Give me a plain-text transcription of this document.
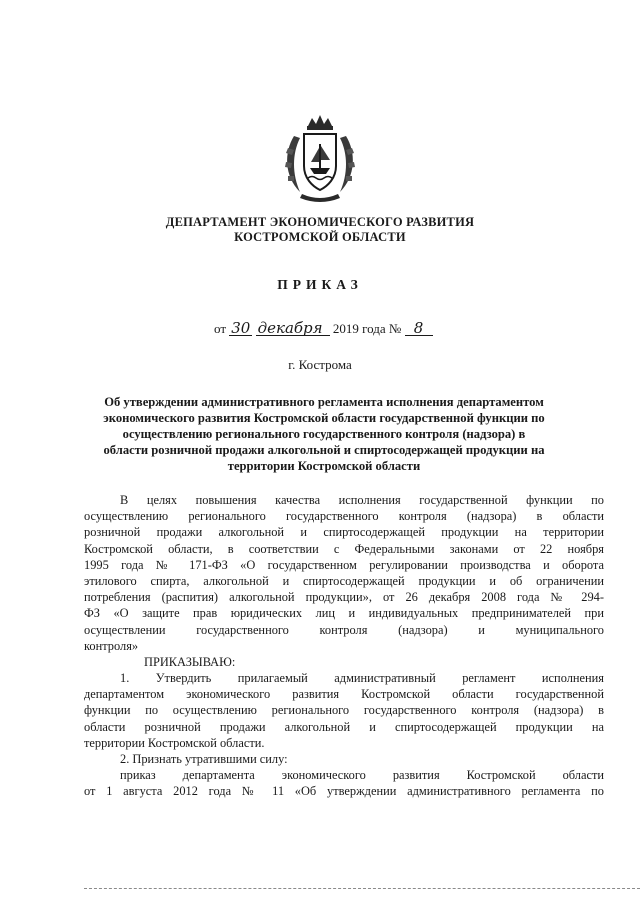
ДЕПАРТАМЕНТ ЭКОНОМИЧЕСКОГО РАЗВИТИЯ
КОСТРОМСКОЙ ОБЛАСТИ
ПРИКАЗ
от 30 декабря 2019 года № 8
г. Кострома
Об утверждении административного регламента исполнения департаментом
экономического развития Костромской области государственной функции по
осуществлению регионального государственного контроля (надзора) в
области розничной продажи алкогольной и спиртосодержащей продукции на
территории Костромской области
В целях повышения качества исполнения государственной функции по
осуществлению регионального государственного контроля (надзора) в области
розничной продажи алкогольной и спиртосодержащей продукции на территории
Костромской области, в соответствии с Федеральными законами от 22 ноября
1995 года № 171-ФЗ «О государственном регулировании производства и оборота
этилового спирта, алкогольной и спиртосодержащей продукции и об ограничении
потребления (распития) алкогольной продукции», от 26 декабря 2008 года № 294-
ФЗ «О защите прав юридических лиц и индивидуальных предпринимателей при
осуществлении государственного контроля (надзора) и муниципального
контроля»
ПРИКАЗЫВАЮ:
1. Утвердить прилагаемый административный регламент исполнения
департаментом экономического развития Костромской области государственной
функции по осуществлению регионального государственного контроля (надзора) в
области розничной продажи алкогольной и спиртосодержащей продукции на
территории Костромской области.
2. Признать утратившими силу:
приказ департамента экономического развития Костромской области
от 1 августа 2012 года № 11 «Об утверждении административного регламента по
